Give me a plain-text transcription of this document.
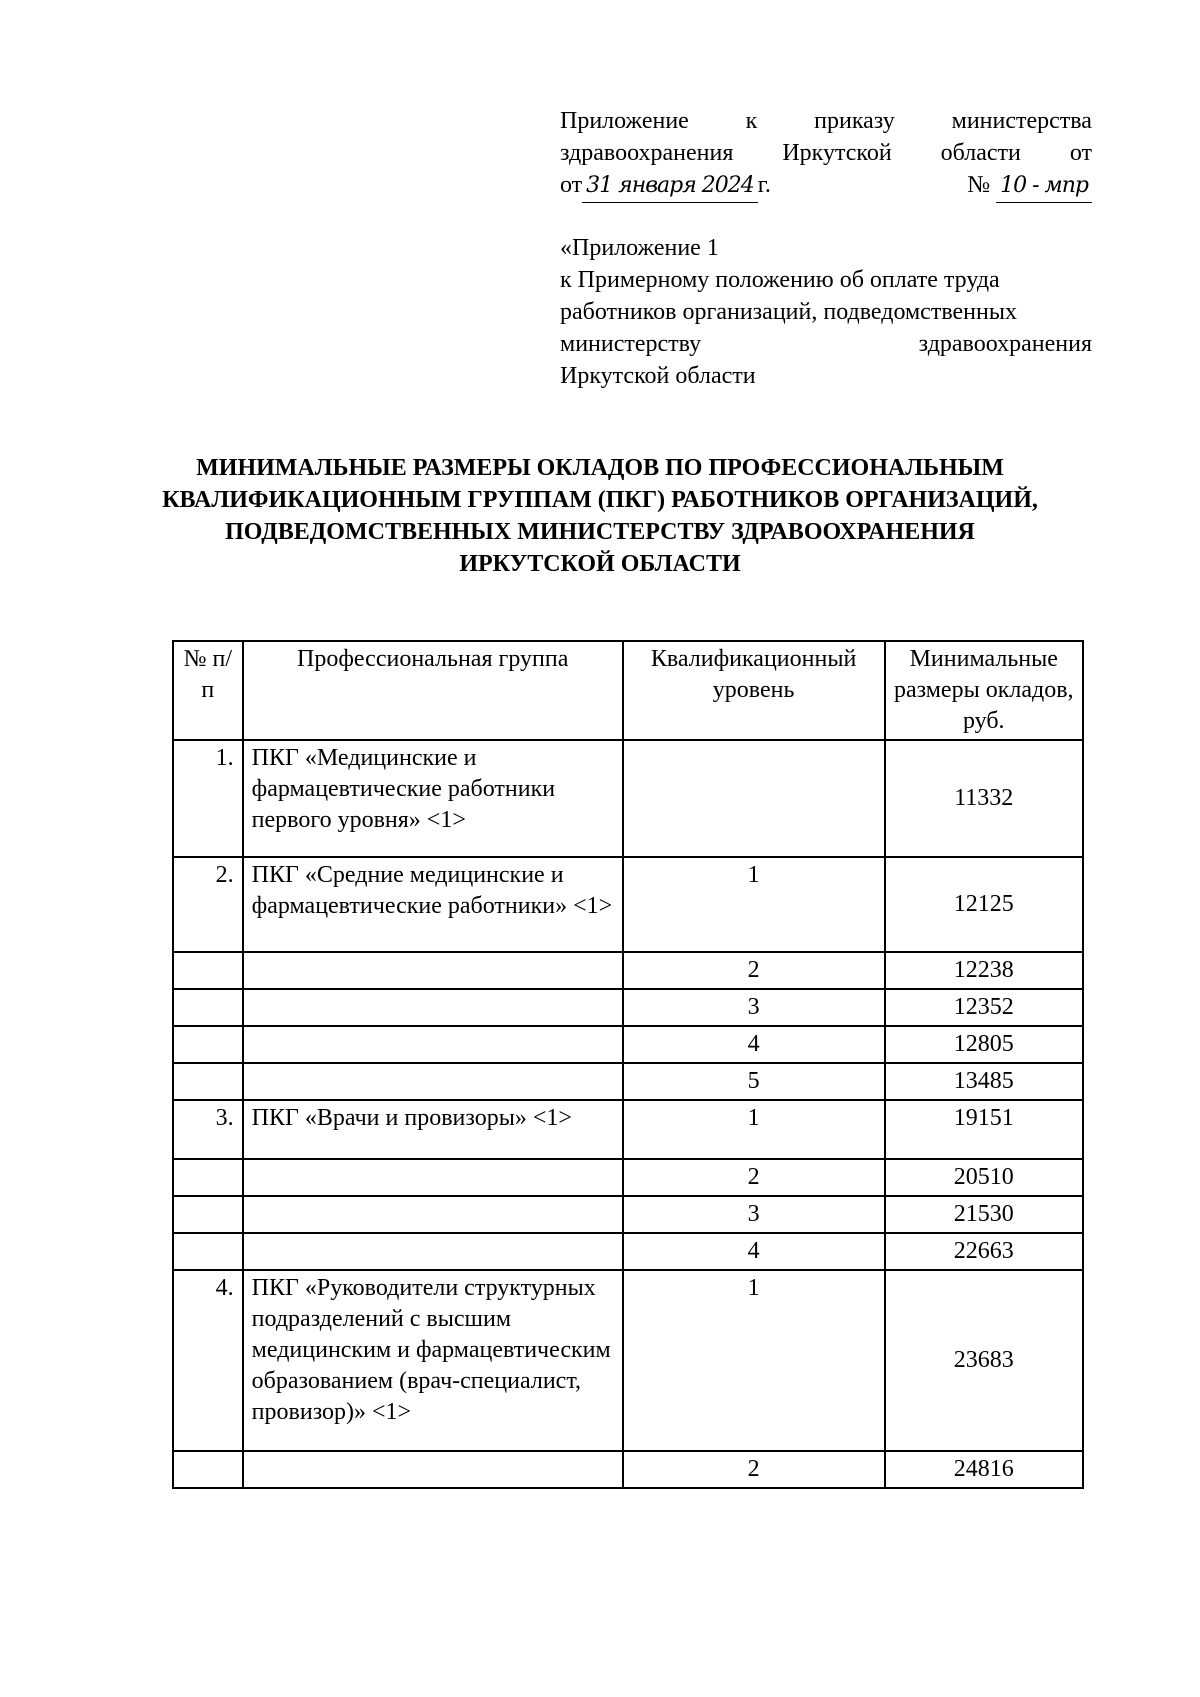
Приложение к приказу министерства
здравоохранения Иркутской области от
от 31 января 2024 г.	№ 10 - мпр
«Приложение 1
к Примерному положению об оплате труда
работников организаций, подведомственных
министерству	здравоохранения
Иркутской области
МИНИМАЛЬНЫЕ РАЗМЕРЫ ОКЛАДОВ ПО ПРОФЕССИОНАЛЬНЫМ КВАЛИФИКАЦИОННЫМ ГРУППАМ (ПКГ) РАБОТНИКОВ ОРГАНИЗАЦИЙ, ПОДВЕДОМСТВЕННЫХ МИНИСТЕРСТВУ ЗДРАВООХРАНЕНИЯ ИРКУТСКОЙ ОБЛАСТИ
№ п/п	Профессиональная группа	Квалификационный уровень	Минимальные размеры окладов, руб.
1.	ПКГ «Медицинские и фармацевтические работники первого уровня» <1>		11332
2.	ПКГ «Средние медицинские и фармацевтические работники» <1>	1	12125
		2	12238
		3	12352
		4	12805
		5	13485
3.	ПКГ «Врачи и провизоры» <1>	1	19151
		2	20510
		3	21530
		4	22663
4.	ПКГ «Руководители структурных подразделений с высшим медицинским и фармацевтическим образованием (врач-специалист, провизор)» <1>	1	23683
		2	24816
